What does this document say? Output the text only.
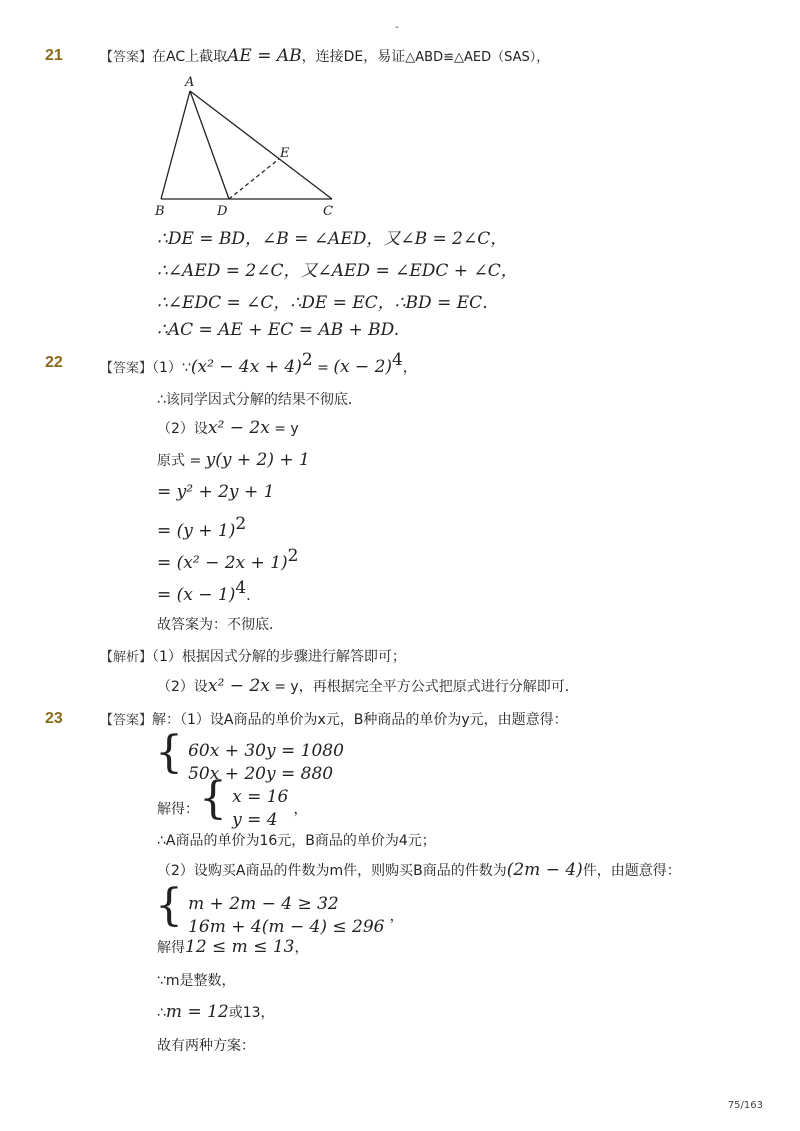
-
21	【答案】在AC上截取AE = AB，连接DE，易证△ABD≌△AED（SAS），
A
B	D	C
E
∴DE = BD，∠B = ∠AED，又∠B = 2∠C，
∴∠AED = 2∠C，又∠AED = ∠EDC + ∠C，
∴∠EDC = ∠C，∴DE = EC，∴BD = EC．
∴AC = AE + EC = AB + BD.
22	【答案】（1）∵(x² − $4x + 4)^2 = (x - 2)^4$，
∴该同学因式分解的结果不彻底．
（2）设x² − 2x = y
原式 = y(y + 2) + 1
= y² + 2y + 1
= $(y + 1)^2$
= $(x^2 - 2x + 1)^2$
= $(x - 1)^4$．
故答案为：不彻底．
【解析】（1）根据因式分解的步骤进行解答即可；
（2）设x² − 2x = y，再根据完全平方公式把原式进行分解即可．
23	【答案】解：（1）设A商品的单价为x元，B种商品的单价为y元，由题意得：
{ 60x + 30y = 1080
50x + 20y = 880
解得：{ x = 16
y = 4 ，
∴A商品的单价为16元，B商品的单价为4元；
（2）设购买A商品的件数为m件，则购买B商品的件数为(2m − 4)件，由题意得：
{ m + 2m − 4 ≥ 32
16m + 4(m − 4) ≤ 296 ，
解得12 ≤ m ≤ 13，
∵m是整数，
∴m = 12或13，
故有两种方案：
75/163
